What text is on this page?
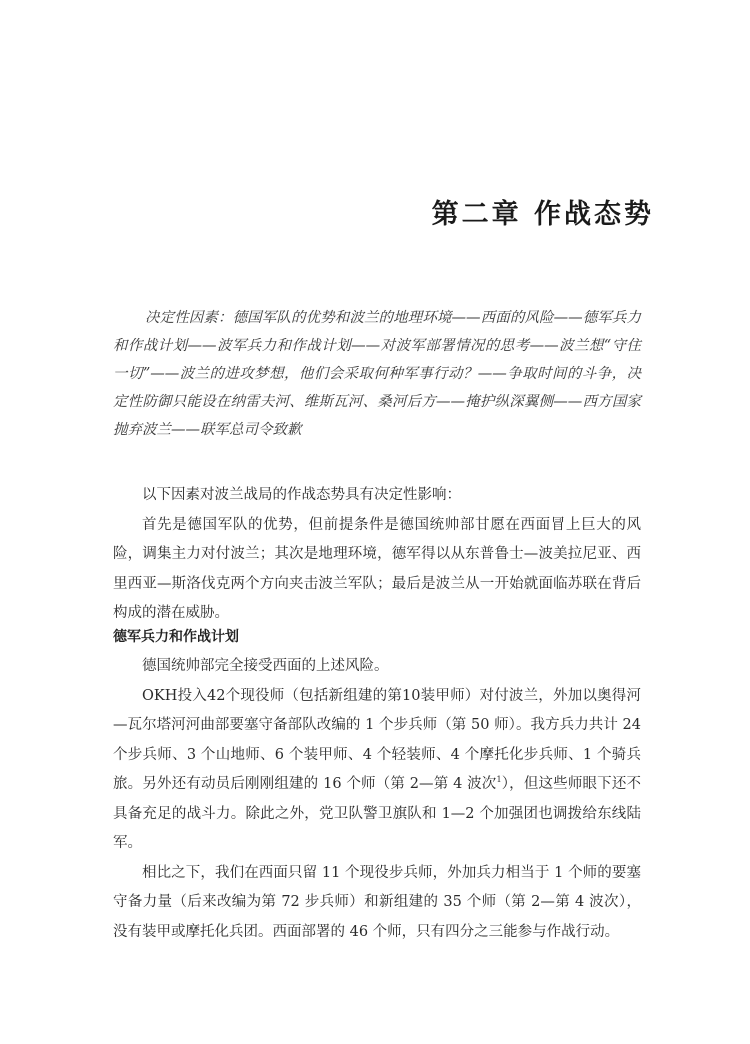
第二章 作战态势

决定性因素：德国军队的优势和波兰的地理环境——西面的风险——德军兵力和作战计划——波军兵力和作战计划——对波军部署情况的思考——波兰想“守住一切”——波兰的进攻梦想，他们会采取何种军事行动？——争取时间的斗争，决定性防御只能设在纳雷夫河、维斯瓦河、桑河后方——掩护纵深翼侧——西方国家抛弃波兰——联军总司令致歉

以下因素对波兰战局的作战态势具有决定性影响：

首先是德国军队的优势，但前提条件是德国统帅部甘愿在西面冒上巨大的风险，调集主力对付波兰；其次是地理环境，德军得以从东普鲁士—波美拉尼亚、西里西亚—斯洛伐克两个方向夹击波兰军队；最后是波兰从一开始就面临苏联在背后构成的潜在威胁。

德军兵力和作战计划

德国统帅部完全接受西面的上述风险。

OKH投入42个现役师（包括新组建的第10装甲师）对付波兰，外加以奥得河—瓦尔塔河河曲部要塞守备部队改编的 1 个步兵师（第 50 师）。我方兵力共计 24 个步兵师、3 个山地师、6 个装甲师、4 个轻装师、4 个摩托化步兵师、1 个骑兵旅。另外还有动员后刚刚组建的 16 个师（第 2—第 4 波次$^1$），但这些师眼下还不具备充足的战斗力。除此之外，党卫队警卫旗队和 1—2 个加强团也调拨给东线陆军。

相比之下，我们在西面只留 11 个现役步兵师，外加兵力相当于 1 个师的要塞守备力量（后来改编为第 72 步兵师）和新组建的 35 个师（第 2—第 4 波次），没有装甲或摩托化兵团。西面部署的 46 个师，只有四分之三能参与作战行动。
